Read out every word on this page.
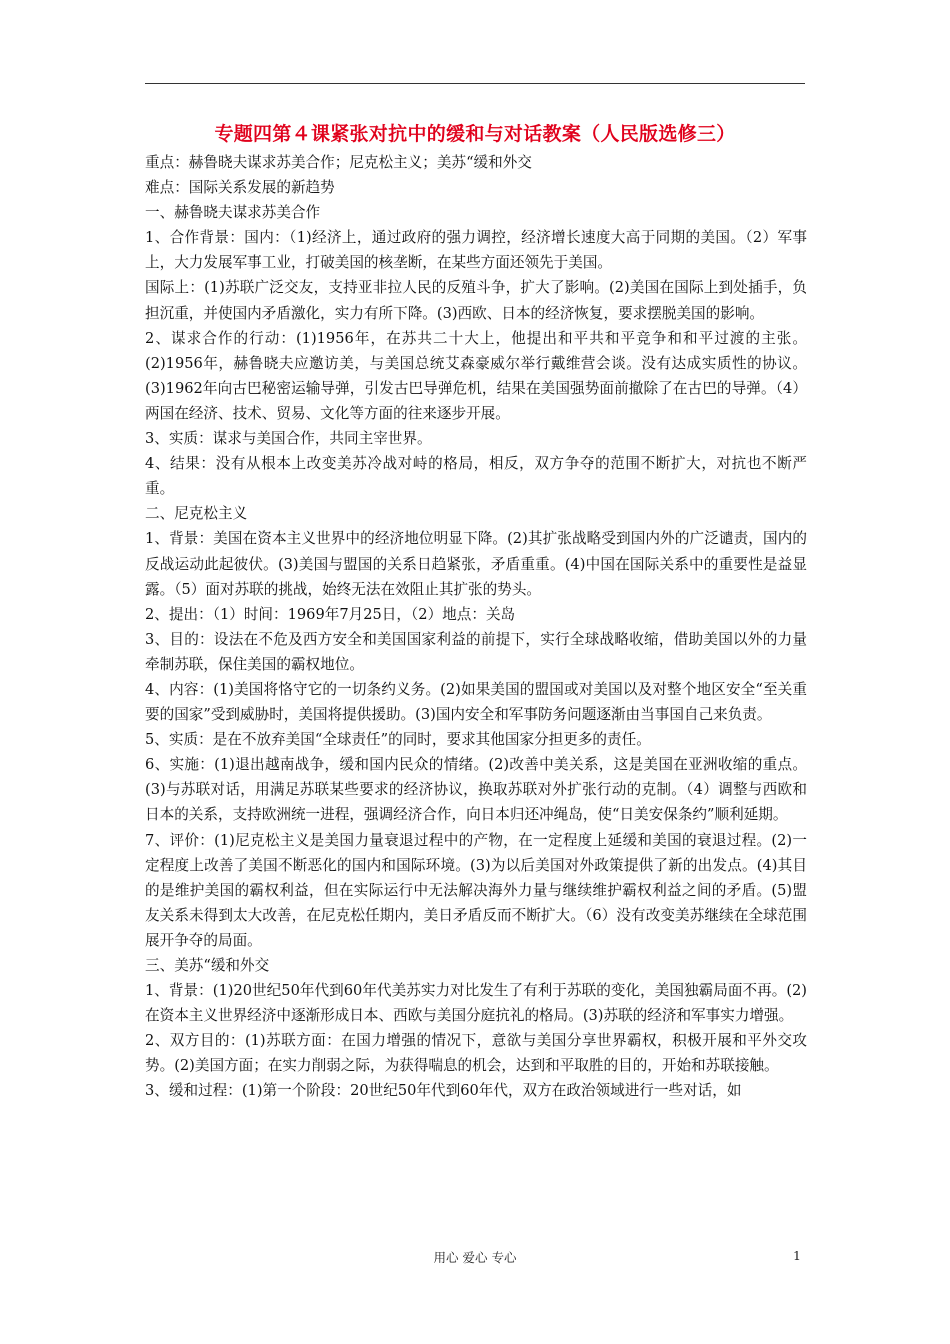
专题四第４课紧张对抗中的缓和与对话教案（人民版选修三）

重点：赫鲁晓夫谋求苏美合作；尼克松主义；美苏“缓和外交

难点：国际关系发展的新趋势

一、赫鲁晓夫谋求苏美合作

1、合作背景：国内：（1)经济上，通过政府的强力调控，经济增长速度大高于同期的美国。（2）军事上，大力发展军事工业，打破美国的核垄断，在某些方面还领先于美国。

国际上：(1)苏联广泛交友，支持亚非拉人民的反殖斗争，扩大了影响。(2)美国在国际上到处插手，负担沉重，并使国内矛盾激化，实力有所下降。(3)西欧、日本的经济恢复，要求摆脱美国的影响。

2、谋求合作的行动：(1)1956年，在苏共二十大上，他提出和平共和平竞争和和平过渡的主张。(2)1956年，赫鲁晓夫应邀访美，与美国总统艾森豪威尔举行戴维营会谈。没有达成实质性的协议。(3)1962年向古巴秘密运输导弹，引发古巴导弹危机，结果在美国强势面前撤除了在古巴的导弹。（4）两国在经济、技术、贸易、文化等方面的往来逐步开展。

3、实质：谋求与美国合作，共同主宰世界。

4、结果：没有从根本上改变美苏冷战对峙的格局，相反，双方争夺的范围不断扩大，对抗也不断严重。

二、尼克松主义

1、背景：美国在资本主义世界中的经济地位明显下降。(2)其扩张战略受到国内外的广泛谴责，国内的反战运动此起彼伏。(3)美国与盟国的关系日趋紧张，矛盾重重。(4)中国在国际关系中的重要性是益显露。（5）面对苏联的挑战，始终无法在效阻止其扩张的势头。

2、提出：（1）时间：1969年7月25日，（2）地点：关岛

3、目的：设法在不危及西方安全和美国国家利益的前提下，实行全球战略收缩，借助美国以外的力量牵制苏联，保住美国的霸权地位。

4、内容：(1)美国将恪守它的一切条约义务。(2)如果美国的盟国或对美国以及对整个地区安全“至关重要的国家”受到威胁时，美国将提供援助。(3)国内安全和军事防务问题逐渐由当事国自己来负责。

5、实质：是在不放弃美国“全球责任”的同时，要求其他国家分担更多的责任。

6、实施：(1)退出越南战争，缓和国内民众的情绪。(2)改善中美关系，这是美国在亚洲收缩的重点。(3)与苏联对话，用满足苏联某些要求的经济协议，换取苏联对外扩张行动的克制。（4）调整与西欧和日本的关系，支持欧洲统一进程，强调经济合作，向日本归还冲绳岛，使“日美安保条约”顺利延期。

7、评价：(1)尼克松主义是美国力量衰退过程中的产物，在一定程度上延缓和美国的衰退过程。(2)一定程度上改善了美国不断恶化的国内和国际环境。(3)为以后美国对外政策提供了新的出发点。(4)其目的是维护美国的霸权利益，但在实际运行中无法解决海外力量与继续维护霸权利益之间的矛盾。(5)盟友关系未得到太大改善，在尼克松任期内，美日矛盾反而不断扩大。（6）没有改变美苏继续在全球范围展开争夺的局面。

三、美苏“缓和外交

1、背景：(1)20世纪50年代到60年代美苏实力对比发生了有利于苏联的变化，美国独霸局面不再。(2)在资本主义世界经济中逐渐形成日本、西欧与美国分庭抗礼的格局。(3)苏联的经济和军事实力增强。

2、双方目的：(1)苏联方面：在国力增强的情况下，意欲与美国分享世界霸权，积极开展和平外交攻势。(2)美国方面；在实力削弱之际，为获得喘息的机会，达到和平取胜的目的，开始和苏联接触。

3、缓和过程：(1)第一个阶段：20世纪50年代到60年代，双方在政治领域进行一些对话，如

用心 爱心 专心	1
